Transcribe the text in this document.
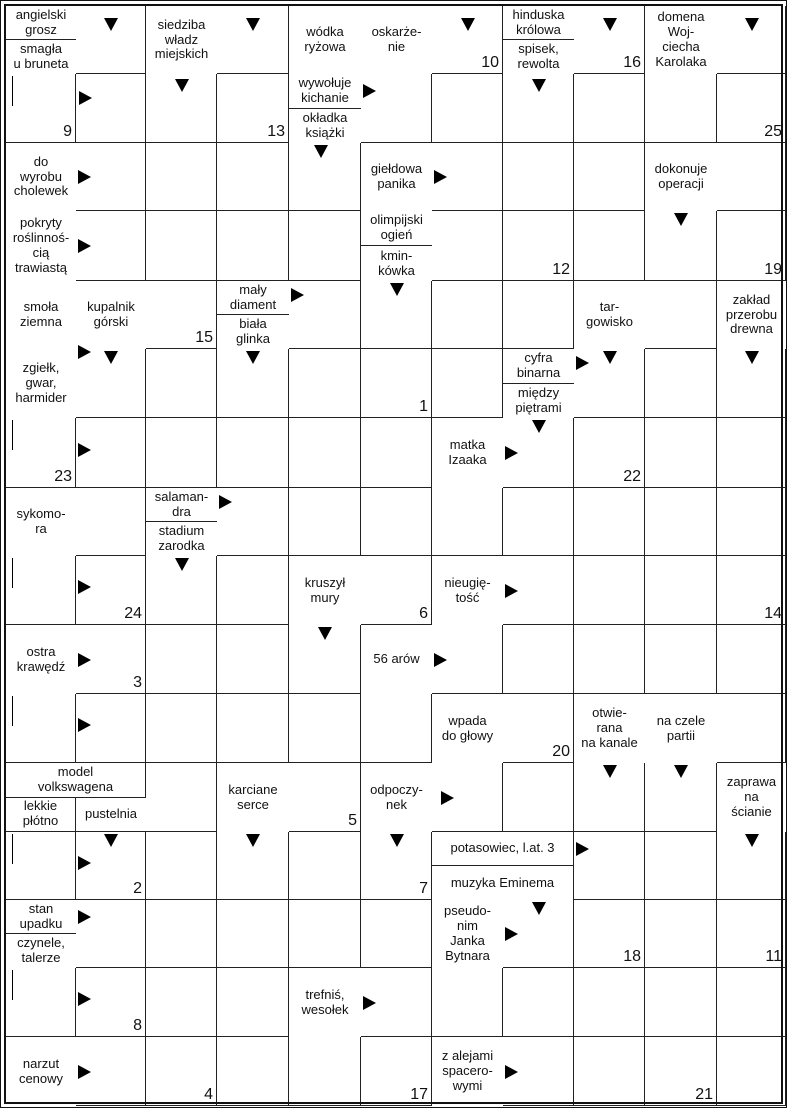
angielski
grosz
smagła
u bruneta
siedziba
władz
miejskich
wódka
ryżowa
oskarże-
nie
hinduska
królowa
spisek,
rewolta
domena
Woj-
ciecha
Karolaka
wywołuje
kichanie
okładka
książki
do
wyrobu
cholewek
giełdowa
panika
dokonuje
operacji
pokryty
roślinnoś-
cią
trawiastą
olimpijski
ogień
kmin-
kówka
smoła
ziemna
kupalnik
górski
mały
diament
biała
glinka
tar-
gowisko
zakład
przerobu
drewna
zgiełk,
gwar,
harmider
cyfra
binarna
między
piętrami
matka
Izaaka
sykomo-
ra
salaman-
dra
stadium
zarodka
kruszył
mury
nieugię-
tość
ostra
krawędź	56 arów
wpada
do głowy
otwie-
rana
na kanale
na czele
partii
model
volkswagena
lekkie
płótno	pustelnia
karciane
serce
odpoczy-
nek
zaprawa
na
ścianie
potasowiec, l.at. 3
muzyka Eminema
stan
upadku
czynele,
talerze
pseudo-
nim
Janka
Bytnara
trefniś,
wesołek
narzut
cenowy
z alejami
spacero-
wymi
10	16
9	13	25
12	19
15
1
23	22
24	6	14
3
20
5
2	7
18	11
8
4	17	21
